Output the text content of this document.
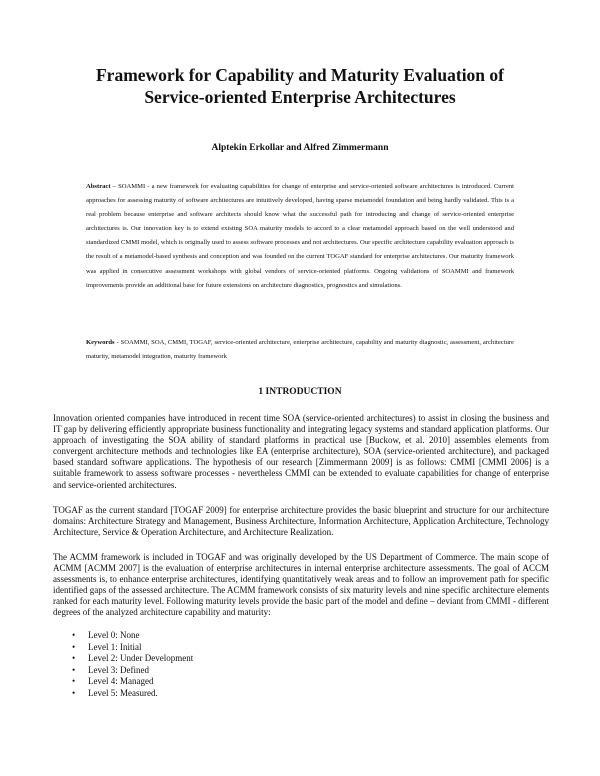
Framework for Capability and Maturity Evaluation of
Service-oriented Enterprise Architectures
Alptekin Erkollar and Alfred Zimmermann
Abstract – SOAMMI - a new framework for evaluating capabilities for change of enterprise and service-oriented software architectures is introduced. Current approaches for assessing maturity of software architectures are intuitively developed, having sparse metamodel foundation and being hardly validated. This is a real problem because enterprise and software architects should know what the successful path for introducing and change of service-oriented enterprise architectures is. Our innovation key is to extend existing SOA maturity models to accord to a clear metamodel approach based on the well understood and standardized CMMI model, which is originally used to assess software processes and not architectures. Our specific architecture capability evaluation approach is the result of a metamodel-based synthesis and conception and was founded on the current TOGAF standard for enterprise architectures. Our maturity framework was applied in consecutive assessment workshops with global vendors of service-oriented platforms. Ongoing validations of SOAMMI and framework improvements provide an additional base for future extensions on architecture diagnostics, prognostics and simulations.
Keywords - SOAMMI, SOA, CMMI, TOGAF, service-oriented architecture, enterprise architecture, capability and maturity diagnostic, assessment, architecture maturity, metamodel integration, maturity framework
1 INTRODUCTION
Innovation oriented companies have introduced in recent time SOA (service-oriented architectures) to assist in closing the business and IT gap by delivering efficiently appropriate business functionality and integrating legacy systems and standard application platforms. Our approach of investigating the SOA ability of standard platforms in practical use [Buckow, et al. 2010] assembles elements from convergent architecture methods and technologies like EA (enterprise architecture), SOA (service-oriented architecture), and packaged based standard software applications. The hypothesis of our research [Zimmermann 2009] is as follows: CMMI [CMMI 2006] is a suitable framework to assess software processes - nevertheless CMMI can be extended to evaluate capabilities for change of enterprise and service-oriented architectures.
TOGAF as the current standard [TOGAF 2009] for enterprise architecture provides the basic blueprint and structure for our architecture domains: Architecture Strategy and Management, Business Architecture, Information Architecture, Application Architecture, Technology Architecture, Service & Operation Architecture, and Architecture Realization.
The ACMM framework is included in TOGAF and was originally developed by the US Department of Commerce. The main scope of ACMM [ACMM 2007] is the evaluation of enterprise architectures in internal enterprise architecture assessments. The goal of ACCM assessments is, to enhance enterprise architectures, identifying quantitatively weak areas and to follow an improvement path for specific identified gaps of the assessed architecture. The ACMM framework consists of six maturity levels and nine specific architecture elements ranked for each maturity level. Following maturity levels provide the basic part of the model and define – deviant from CMMI - different degrees of the analyzed architecture capability and maturity:
• Level 0: None
• Level 1: Initial
• Level 2: Under Development
• Level 3: Defined
• Level 4: Managed
• Level 5: Measured.
